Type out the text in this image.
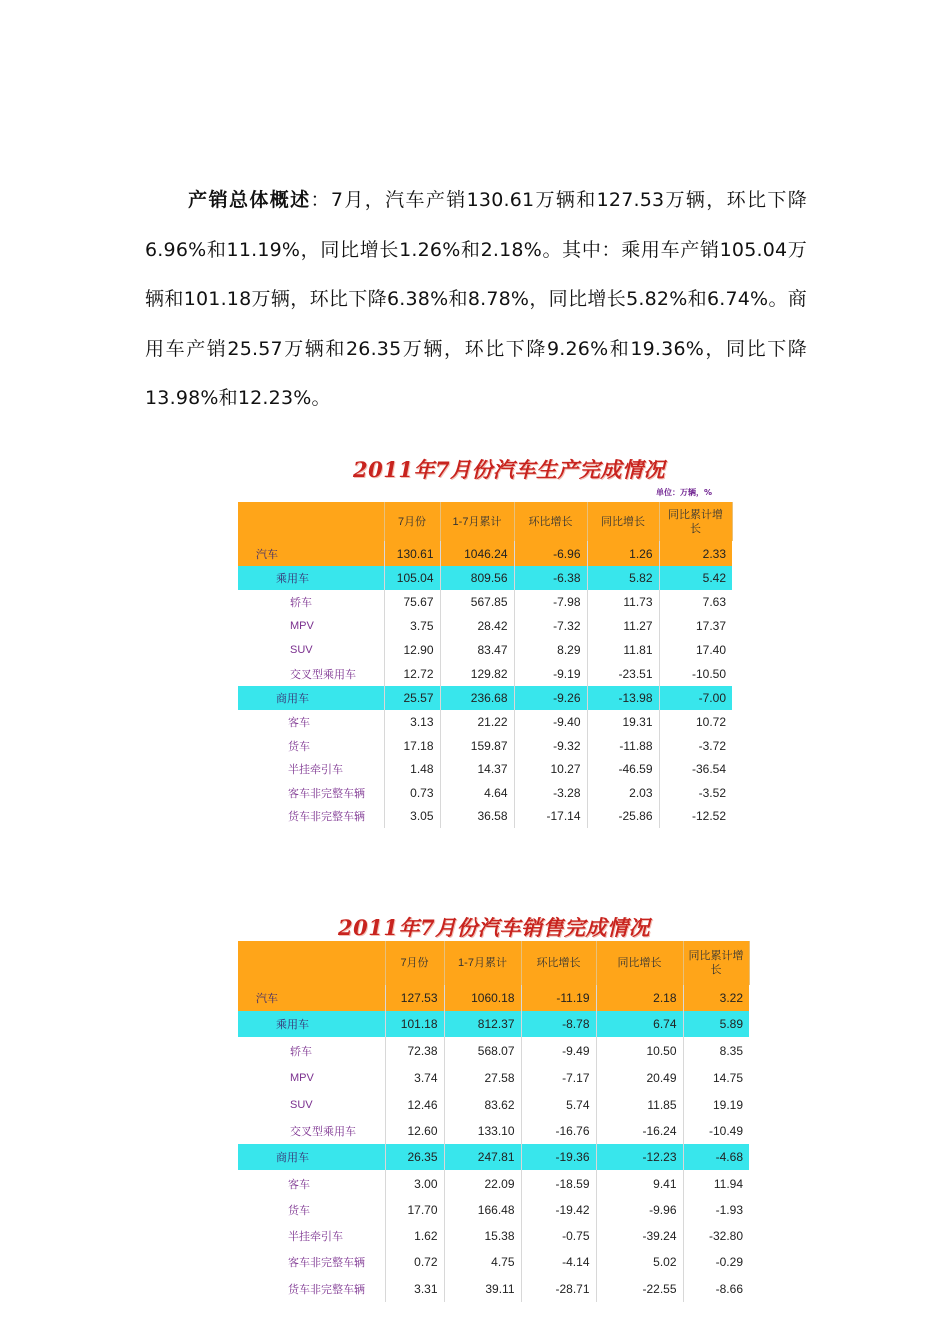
产销总体概述：7月，汽车产销130.61万辆和127.53万辆，环比下降6.96%和11.19%，同比增长1.26%和2.18%。其中：乘用车产销105.04万辆和101.18万辆，环比下降6.38%和8.78%，同比增长5.82%和6.74%。商用车产销25.57万辆和26.35万辆，环比下降9.26%和19.36%，同比下降13.98%和12.23%。

2011年7月份汽车生产完成情况
单位：万辆，%
	7月份	1-7月累计	环比增长	同比增长	同比累计增长
汽车	130.61	1046.24	-6.96	1.26	2.33
乘用车	105.04	809.56	-6.38	5.82	5.42
轿车	75.67	567.85	-7.98	11.73	7.63
MPV	3.75	28.42	-7.32	11.27	17.37
SUV	12.90	83.47	8.29	11.81	17.40
交叉型乘用车	12.72	129.82	-9.19	-23.51	-10.50
商用车	25.57	236.68	-9.26	-13.98	-7.00
客车	3.13	21.22	-9.40	19.31	10.72
货车	17.18	159.87	-9.32	-11.88	-3.72
半挂牵引车	1.48	14.37	10.27	-46.59	-36.54
客车非完整车辆	0.73	4.64	-3.28	2.03	-3.52
货车非完整车辆	3.05	36.58	-17.14	-25.86	-12.52
2011年7月份汽车销售完成情况
	7月份	1-7月累计	环比增长	同比增长	同比累计增长
汽车	127.53	1060.18	-11.19	2.18	3.22
乘用车	101.18	812.37	-8.78	6.74	5.89
轿车	72.38	568.07	-9.49	10.50	8.35
MPV	3.74	27.58	-7.17	20.49	14.75
SUV	12.46	83.62	5.74	11.85	19.19
交叉型乘用车	12.60	133.10	-16.76	-16.24	-10.49
商用车	26.35	247.81	-19.36	-12.23	-4.68
客车	3.00	22.09	-18.59	9.41	11.94
货车	17.70	166.48	-19.42	-9.96	-1.93
半挂牵引车	1.62	15.38	-0.75	-39.24	-32.80
客车非完整车辆	0.72	4.75	-4.14	5.02	-0.29
货车非完整车辆	3.31	39.11	-28.71	-22.55	-8.66
